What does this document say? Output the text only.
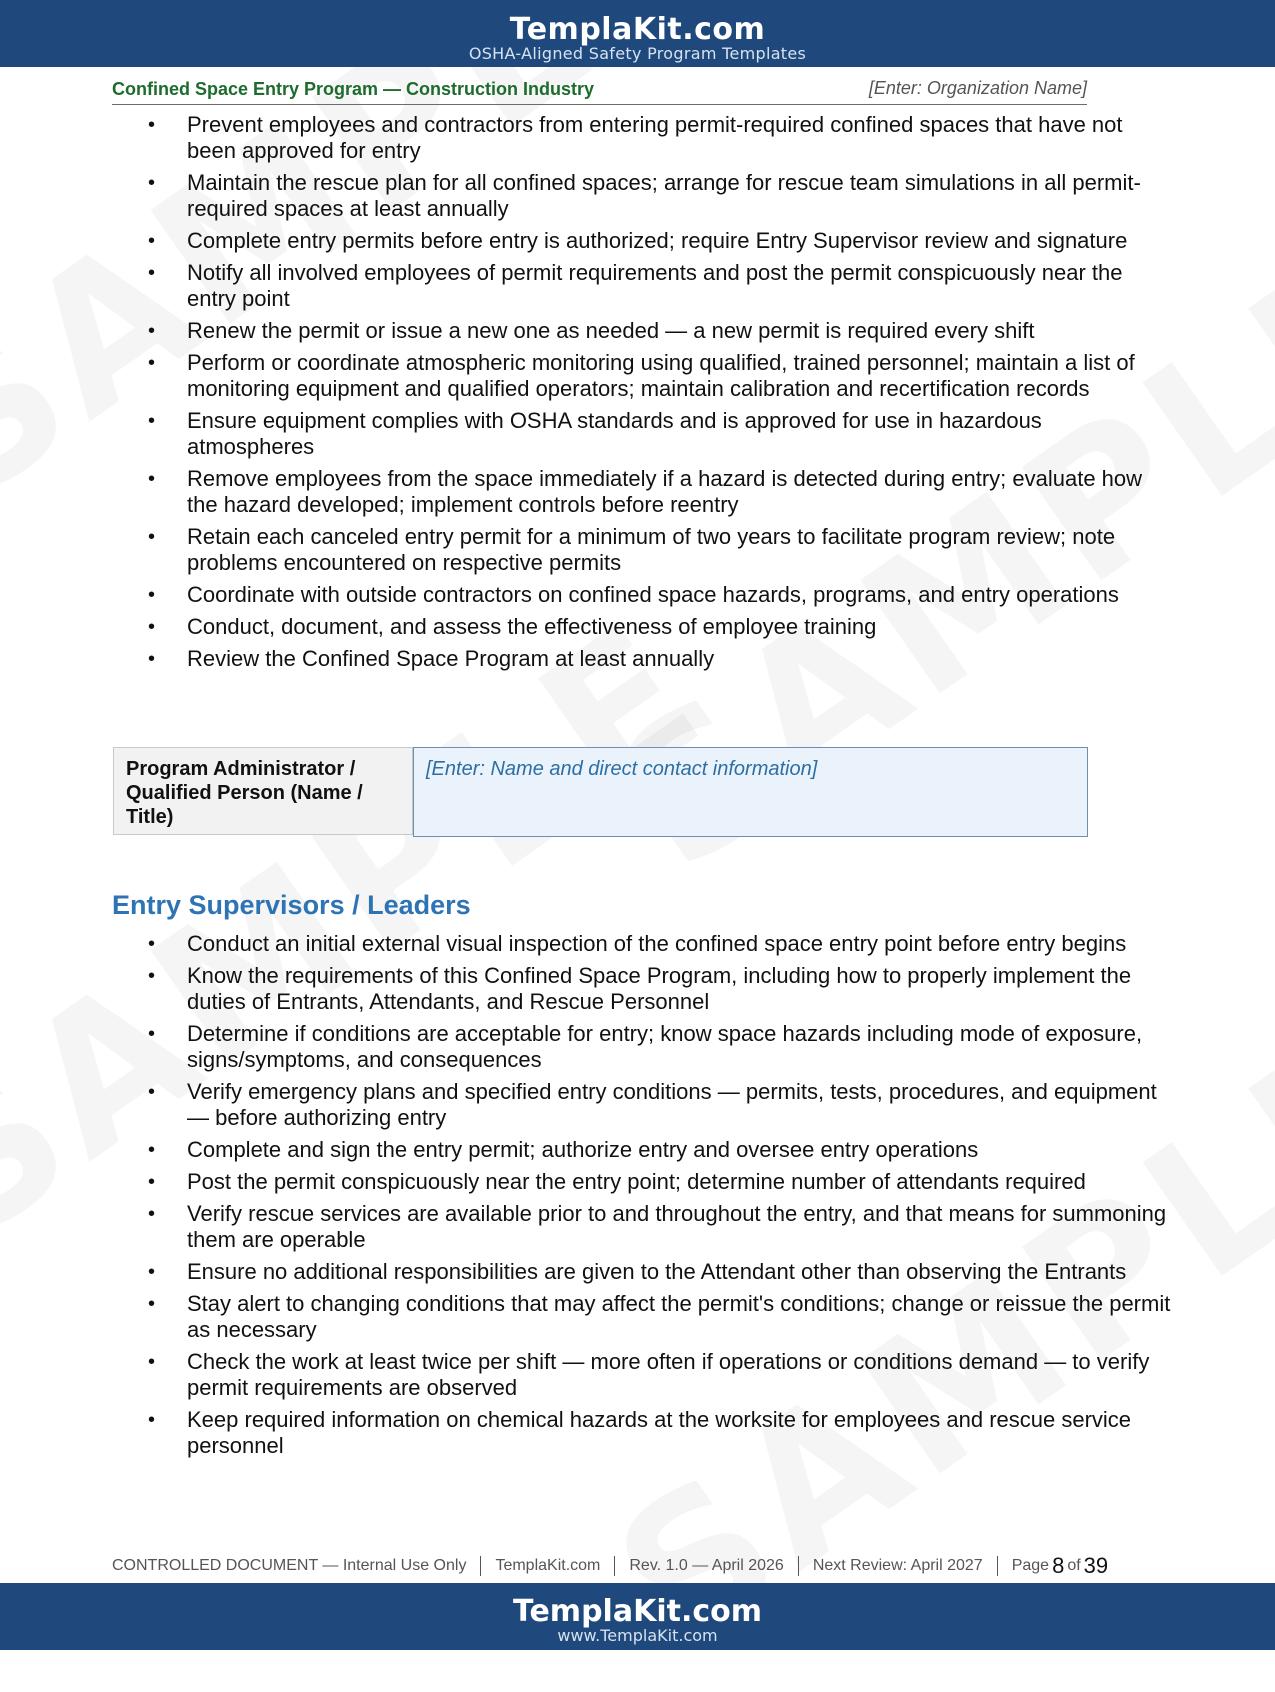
TemplaKit.com
OSHA-Aligned Safety Program Templates
Confined Space Entry Program — Construction Industry	[Enter: Organization Name]
• Prevent employees and contractors from entering permit-required confined spaces that have not been approved for entry
• Maintain the rescue plan for all confined spaces; arrange for rescue team simulations in all permit-required spaces at least annually
• Complete entry permits before entry is authorized; require Entry Supervisor review and signature
• Notify all involved employees of permit requirements and post the permit conspicuously near the entry point
• Renew the permit or issue a new one as needed — a new permit is required every shift
• Perform or coordinate atmospheric monitoring using qualified, trained personnel; maintain a list of monitoring equipment and qualified operators; maintain calibration and recertification records
• Ensure equipment complies with OSHA standards and is approved for use in hazardous atmospheres
• Remove employees from the space immediately if a hazard is detected during entry; evaluate how the hazard developed; implement controls before reentry
• Retain each canceled entry permit for a minimum of two years to facilitate program review; note problems encountered on respective permits
• Coordinate with outside contractors on confined space hazards, programs, and entry operations
• Conduct, document, and assess the effectiveness of employee training
• Review the Confined Space Program at least annually
Program Administrator / Qualified Person (Name / Title)
[Enter: Name and direct contact information]
Entry Supervisors / Leaders
• Conduct an initial external visual inspection of the confined space entry point before entry begins
• Know the requirements of this Confined Space Program, including how to properly implement the duties of Entrants, Attendants, and Rescue Personnel
• Determine if conditions are acceptable for entry; know space hazards including mode of exposure, signs/symptoms, and consequences
• Verify emergency plans and specified entry conditions — permits, tests, procedures, and equipment — before authorizing entry
• Complete and sign the entry permit; authorize entry and oversee entry operations
• Post the permit conspicuously near the entry point; determine number of attendants required
• Verify rescue services are available prior to and throughout the entry, and that means for summoning them are operable
• Ensure no additional responsibilities are given to the Attendant other than observing the Entrants
• Stay alert to changing conditions that may affect the permit's conditions; change or reissue the permit as necessary
• Check the work at least twice per shift — more often if operations or conditions demand — to verify permit requirements are observed
• Keep required information on chemical hazards at the worksite for employees and rescue service personnel
CONTROLLED DOCUMENT — Internal Use Only TemplaKit.com Rev. 1.0 — April 2026 Next Review: April 2027 Page 8 of 39
TemplaKit.com
www.TemplaKit.com
